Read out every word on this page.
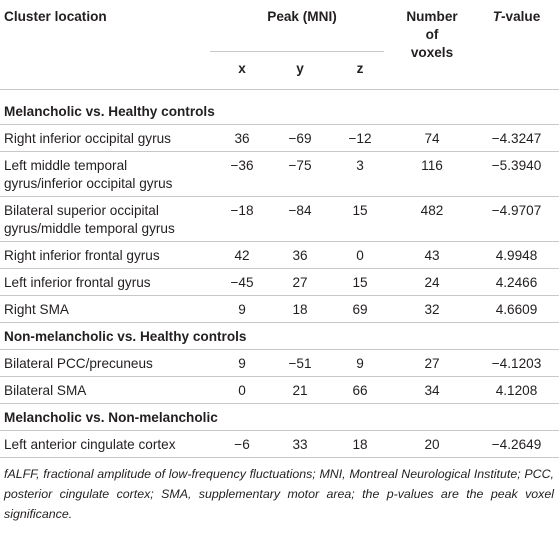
Cluster location	Peak (MNI)			Number
of
voxels	T-value
	x	y	z		
Melancholic vs. Healthy controls					
Right inferior occipital gyrus	36	−69	−12	74	−4.3247
Left middle temporal
gyrus/inferior occipital gyrus	−36	−75	3	116	−5.3940
Bilateral superior occipital
gyrus/middle temporal gyrus	−18	−84	15	482	−4.9707
Right inferior frontal gyrus	42	36	0	43	4.9948
Left inferior frontal gyrus	−45	27	15	24	4.2466
Right SMA	9	18	69	32	4.6609
Non-melancholic vs. Healthy controls					
Bilateral PCC/precuneus	9	−51	9	27	−4.1203
Bilateral SMA	0	21	66	34	4.1208
Melancholic vs. Non-melancholic					
Left anterior cingulate cortex	−6	33	18	20	−4.2649
fALFF, fractional amplitude of low-frequency fluctuations; MNI, Montreal Neurological Institute; PCC, posterior cingulate cortex; SMA, supplementary motor area; the p-values are the peak voxel significance.
